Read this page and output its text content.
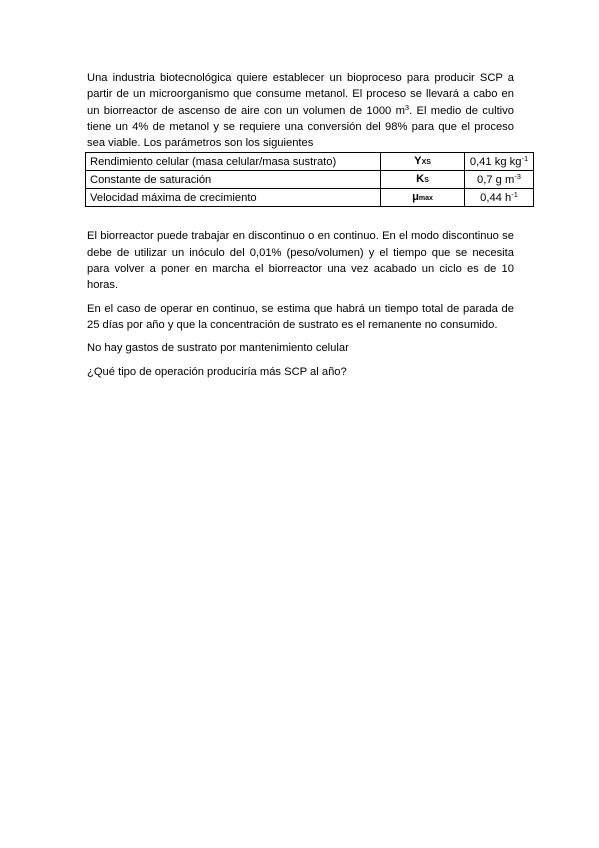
Una industria biotecnológica quiere establecer un bioproceso para producir SCP a partir de un microorganismo que consume metanol. El proceso se llevará a cabo en un biorreactor de ascenso de aire con un volumen de 1000 $m^3$. El medio de cultivo tiene un 4% de metanol y se requiere una conversión del 98% para que el proceso sea viable. Los parámetros son los siguientes

Rendimiento celular (masa celular/masa sustrato)	YXS	0,41 kg $kg^{-1}$
Constante de saturación	KS	0,7 g $m^{-3}$
Velocidad máxima de crecimiento	μmax	0,44 $h^{-1}$

El biorreactor puede trabajar en discontinuo o en continuo. En el modo discontinuo se debe de utilizar un inóculo del 0,01% (peso/volumen) y el tiempo que se necesita para volver a poner en marcha el biorreactor una vez acabado un ciclo es de 10 horas.

En el caso de operar en continuo, se estima que habrá un tiempo total de parada de 25 días por año y que la concentración de sustrato es el remanente no consumido.

No hay gastos de sustrato por mantenimiento celular

¿Qué tipo de operación produciría más SCP al año?
